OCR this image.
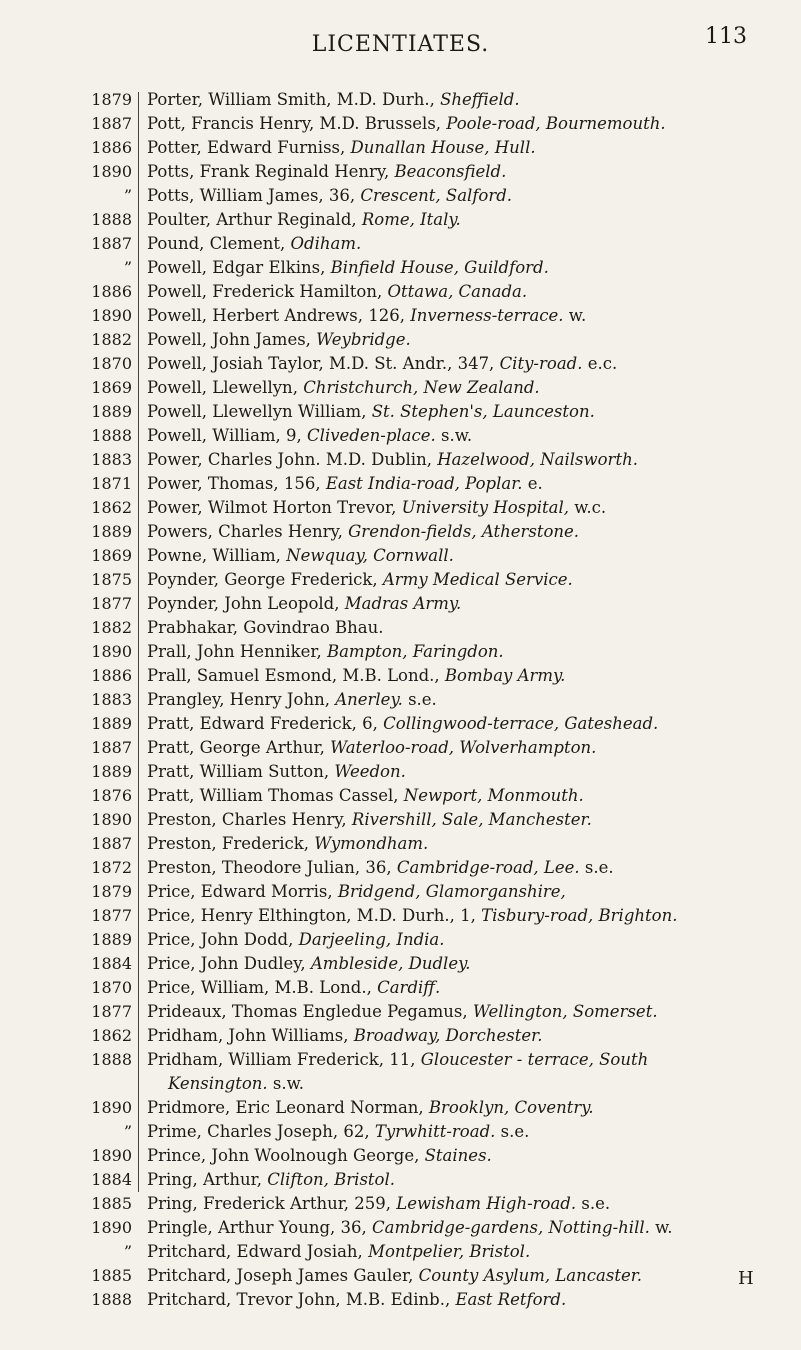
LICENTIATES.	113
1879 Porter, William Smith, M.D. Durh., Sheffield.
1887 Pott, Francis Henry, M.D. Brussels, Poole-road, Bournemouth.
1886 Potter, Edward Furniss, Dunallan House, Hull.
1890 Potts, Frank Reginald Henry, Beaconsfield.
” Potts, William James, 36, Crescent, Salford.
1888 Poulter, Arthur Reginald, Rome, Italy.
1887 Pound, Clement, Odiham.
” Powell, Edgar Elkins, Binfield House, Guildford.
1886 Powell, Frederick Hamilton, Ottawa, Canada.
1890 Powell, Herbert Andrews, 126, Inverness-terrace. w.
1882 Powell, John James, Weybridge.
1870 Powell, Josiah Taylor, M.D. St. Andr., 347, City-road. e.c.
1869 Powell, Llewellyn, Christchurch, New Zealand.
1889 Powell, Llewellyn William, St. Stephen's, Launceston.
1888 Powell, William, 9, Cliveden-place. s.w.
1883 Power, Charles John. M.D. Dublin, Hazelwood, Nailsworth.
1871 Power, Thomas, 156, East India-road, Poplar. e.
1862 Power, Wilmot Horton Trevor, University Hospital, w.c.
1889 Powers, Charles Henry, Grendon-fields, Atherstone.
1869 Powne, William, Newquay, Cornwall.
1875 Poynder, George Frederick, Army Medical Service.
1877 Poynder, John Leopold, Madras Army.
1882 Prabhakar, Govindrao Bhau.
1890 Prall, John Henniker, Bampton, Faringdon.
1886 Prall, Samuel Esmond, M.B. Lond., Bombay Army.
1883 Prangley, Henry John, Anerley. s.e.
1889 Pratt, Edward Frederick, 6, Collingwood-terrace, Gateshead.
1887 Pratt, George Arthur, Waterloo-road, Wolverhampton.
1889 Pratt, William Sutton, Weedon.
1876 Pratt, William Thomas Cassel, Newport, Monmouth.
1890 Preston, Charles Henry, Rivershill, Sale, Manchester.
1887 Preston, Frederick, Wymondham.
1872 Preston, Theodore Julian, 36, Cambridge-road, Lee. s.e.
1879 Price, Edward Morris, Bridgend, Glamorganshire,
1877 Price, Henry Elthington, M.D. Durh., 1, Tisbury-road, Brighton.
1889 Price, John Dodd, Darjeeling, India.
1884 Price, John Dudley, Ambleside, Dudley.
1870 Price, William, M.B. Lond., Cardiff.
1877 Prideaux, Thomas Engledue Pegamus, Wellington, Somerset.
1862 Pridham, John Williams, Broadway, Dorchester.
1888 Pridham, William Frederick, 11, Gloucester - terrace, South
Kensington. s.w.
1890 Pridmore, Eric Leonard Norman, Brooklyn, Coventry.
” Prime, Charles Joseph, 62, Tyrwhitt-road. s.e.
1890 Prince, John Woolnough George, Staines.
1884 Pring, Arthur, Clifton, Bristol.
1885 Pring, Frederick Arthur, 259, Lewisham High-road. s.e.
1890 Pringle, Arthur Young, 36, Cambridge-gardens, Notting-hill. w.
” Pritchard, Edward Josiah, Montpelier, Bristol.
1885 Pritchard, Joseph James Gauler, County Asylum, Lancaster.
1888 Pritchard, Trevor John, M.B. Edinb., East Retford.
H
